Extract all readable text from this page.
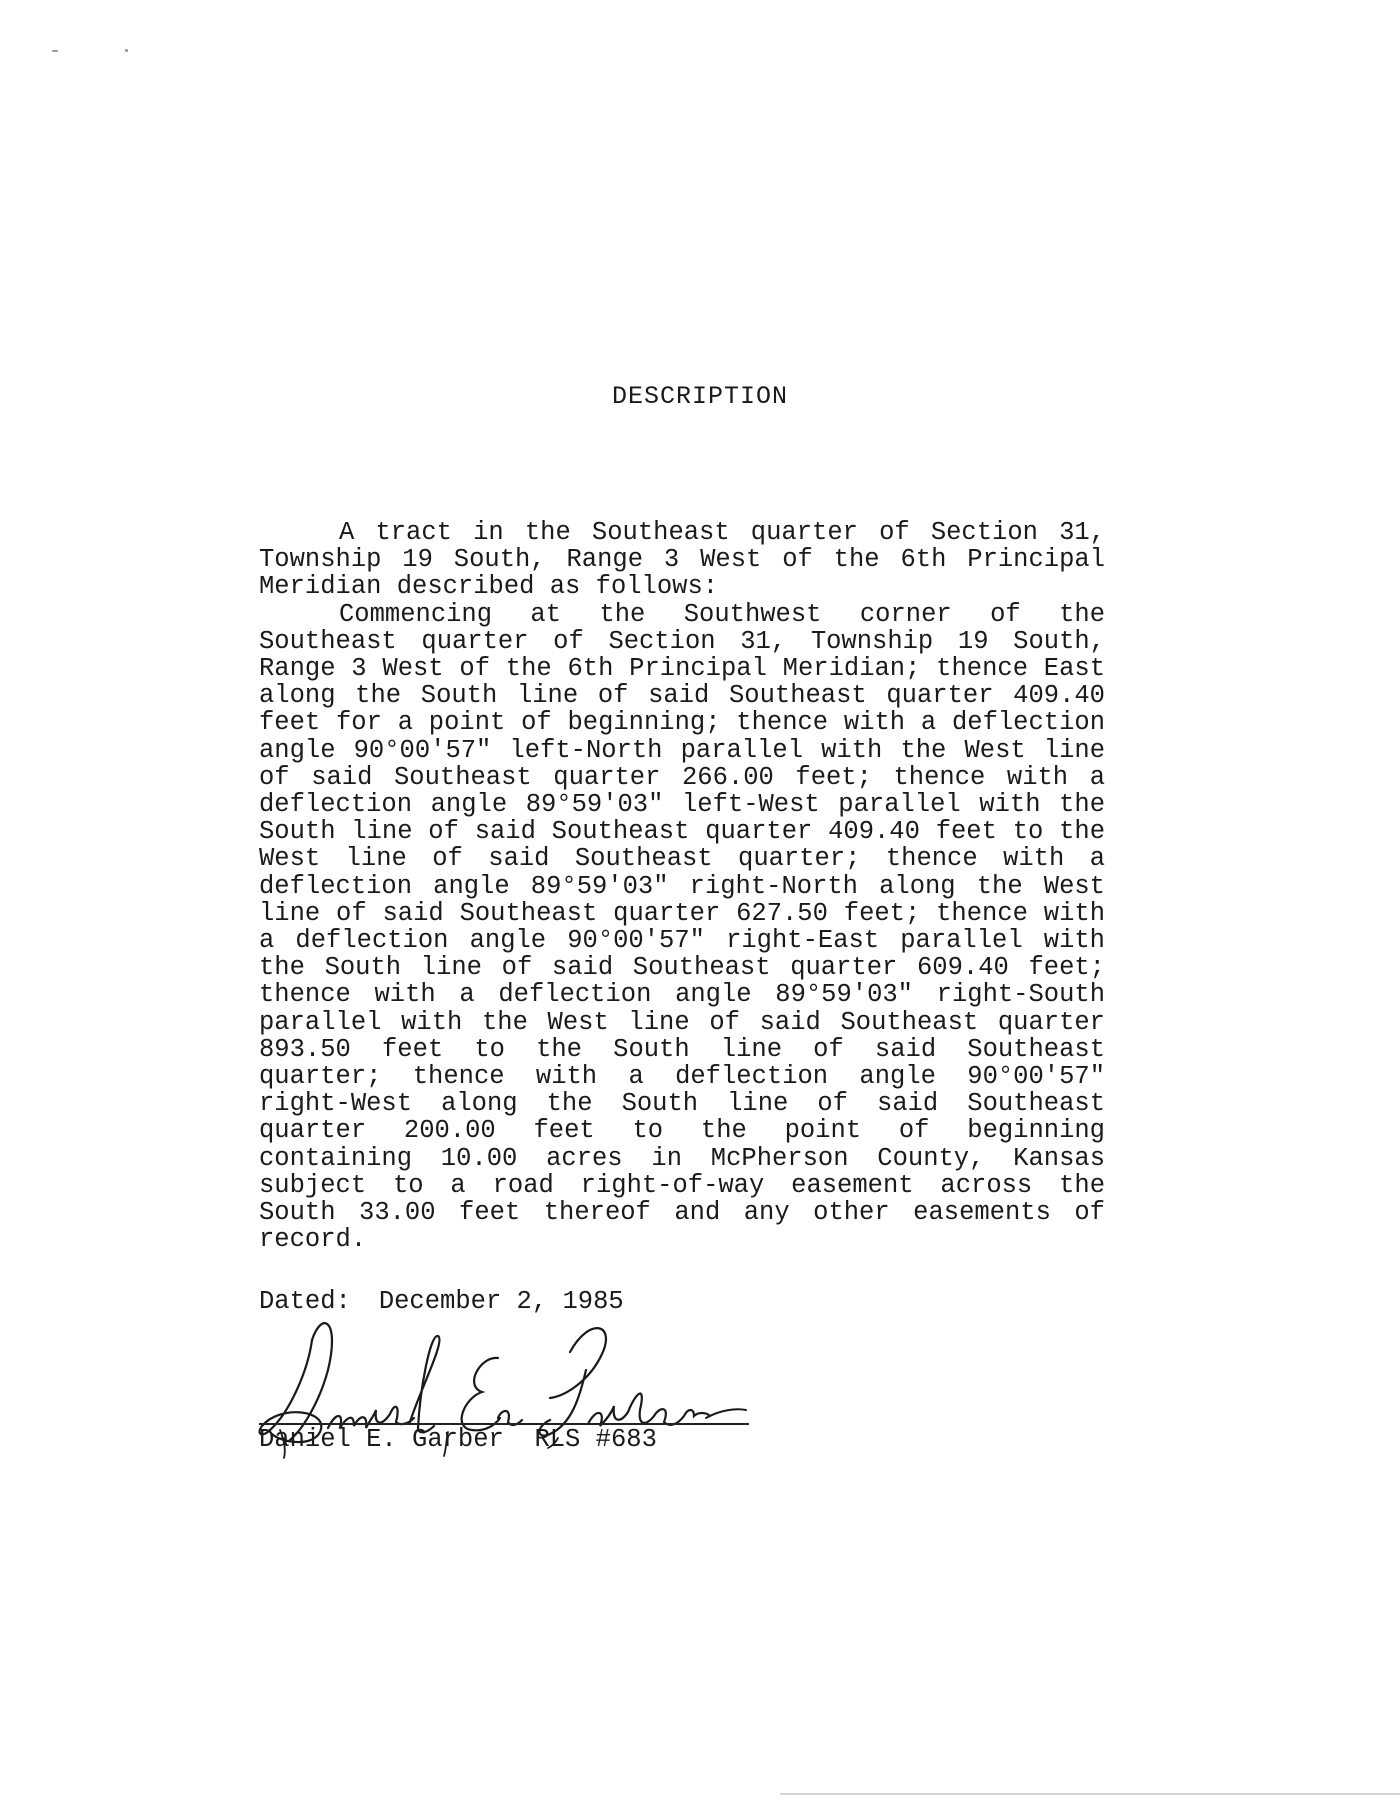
DESCRIPTION

A tract in the Southeast quarter of Section 31, Township 19 South, Range 3 West of the 6th Principal Meridian described as follows:

Commencing at the Southwest corner of the Southeast quarter of Section 31, Township 19 South, Range 3 West of the 6th Principal Meridian; thence East along the South line of said Southeast quarter 409.40 feet for a point of beginning; thence with a deflection angle 90°00'57" left-North parallel with the West line of said Southeast quarter 266.00 feet; thence with a deflection angle 89°59'03" left-West parallel with the South line of said Southeast quarter 409.40 feet to the West line of said Southeast quarter; thence with a deflection angle 89°59'03" right-North along the West line of said Southeast quarter 627.50 feet; thence with a deflection angle 90°00'57" right-East parallel with the South line of said Southeast quarter 609.40 feet; thence with a deflection angle 89°59'03" right-South parallel with the West line of said Southeast quarter 893.50 feet to the South line of said Southeast quarter; thence with a deflection angle 90°00'57" right-West along the South line of said Southeast quarter 200.00 feet to the point of beginning containing 10.00 acres in McPherson County, Kansas subject to a road right-of-way easement across the South 33.00 feet thereof and any other easements of record.

Dated: December 2, 1985
Daniel E. Garber RLS #683
